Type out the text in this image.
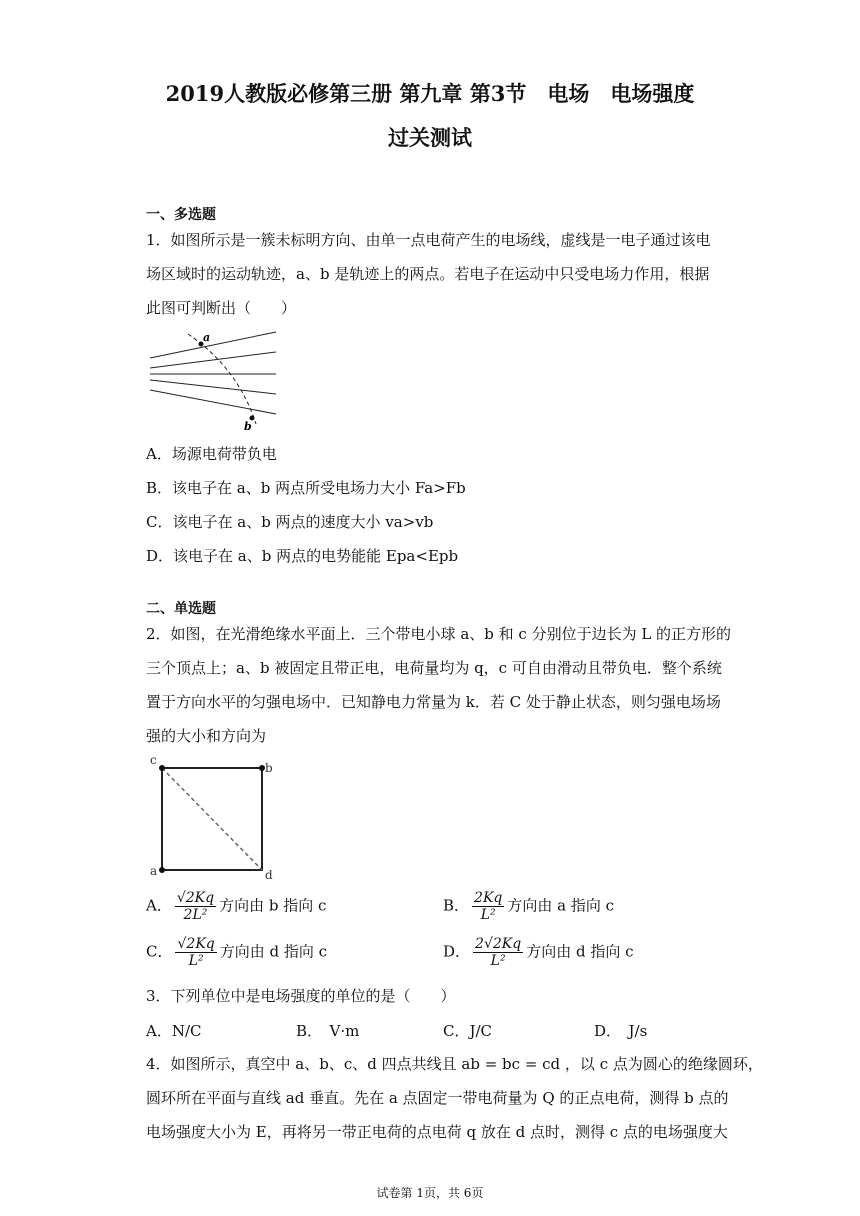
2019人教版必修第三册 第九章 第3节　电场　电场强度
过关测试
一、多选题
1．如图所示是一簇未标明方向、由单一点电荷产生的电场线，虚线是一电子通过该电
场区域时的运动轨迹，a、b 是轨迹上的两点。若电子在运动中只受电场力作用，根据
此图可判断出（　　）
a
b
A．场源电荷带负电
B．该电子在 a、b 两点所受电场力大小 Fa>Fb
C．该电子在 a、b 两点的速度大小 va>vb
D．该电子在 a、b 两点的电势能能 Epa<Epb
二、单选题
2．如图，在光滑绝缘水平面上．三个带电小球 a、b 和 c 分别位于边长为 L 的正方形的
三个顶点上；a、b 被固定且带正电，电荷量均为 q，c 可自由滑动且带负电．整个系统
置于方向水平的匀强电场中．已知静电力常量为 k．若 C 处于静止状态，则匀强电场场
强的大小和方向为
c
b
a	d
A． $\frac{√2Kq}{\text{2L²}}$ 方向由 b 指向 c	B． $\frac{2Kq}{\text{L²}}$ 方向由 a 指向 c
C． $\frac{√2Kq}{\text{L²}}$ 方向由 d 指向 c	D． $\frac{2√2Kq}{\text{L²}}$ 方向由 d 指向 c
3．下列单位中是电场强度的单位的是（　　）
A．N/C	B．　V·m	C．J/C	D．　J/s
4．如图所示，真空中 a、b、c、d 四点共线且 ab = bc = cd ，以 c 点为圆心的绝缘圆环，
圆环所在平面与直线 ad 垂直。先在 a 点固定一带电荷量为 Q 的正点电荷，测得 b 点的
电场强度大小为 E，再将另一带正电荷的点电荷 q 放在 d 点时，测得 c 点的电场强度大
试卷第 1页，共 6页
